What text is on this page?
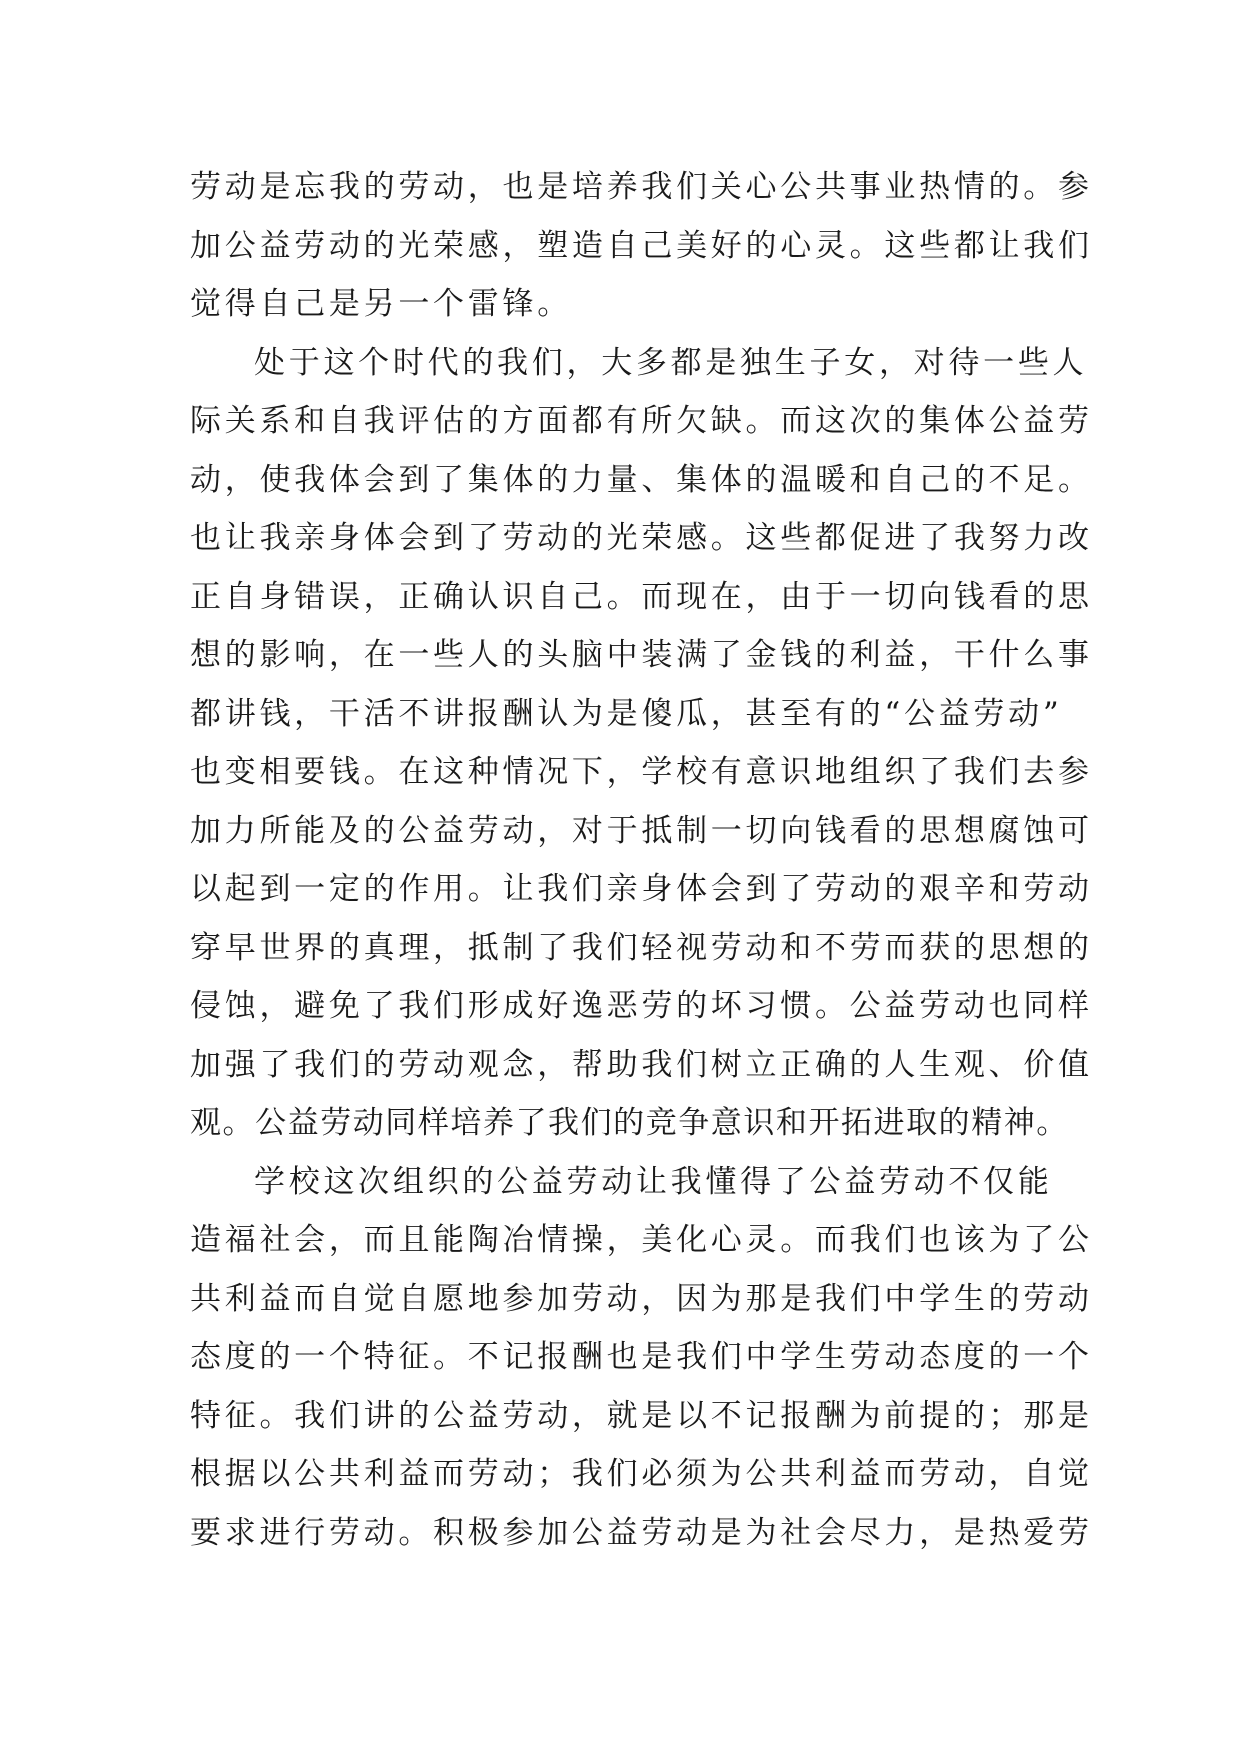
劳动是忘我的劳动，也是培养我们关心公共事业热情的。参
加公益劳动的光荣感，塑造自己美好的心灵。这些都让我们
觉得自己是另一个雷锋。
处于这个时代的我们，大多都是独生子女，对待一些人
际关系和自我评估的方面都有所欠缺。而这次的集体公益劳
动，使我体会到了集体的力量、集体的温暖和自己的不足。
也让我亲身体会到了劳动的光荣感。这些都促进了我努力改
正自身错误，正确认识自己。而现在，由于一切向钱看的思
想的影响，在一些人的头脑中装满了金钱的利益，干什么事
都讲钱，干活不讲报酬认为是傻瓜，甚至有的“公益劳动”
也变相要钱。在这种情况下，学校有意识地组织了我们去参
加力所能及的公益劳动，对于抵制一切向钱看的思想腐蚀可
以起到一定的作用。让我们亲身体会到了劳动的艰辛和劳动
穿早世界的真理，抵制了我们轻视劳动和不劳而获的思想的
侵蚀，避免了我们形成好逸恶劳的坏习惯。公益劳动也同样
加强了我们的劳动观念，帮助我们树立正确的人生观、价值
观。公益劳动同样培养了我们的竞争意识和开拓进取的精神。
学校这次组织的公益劳动让我懂得了公益劳动不仅能
造福社会，而且能陶冶情操，美化心灵。而我们也该为了公
共利益而自觉自愿地参加劳动，因为那是我们中学生的劳动
态度的一个特征。不记报酬也是我们中学生劳动态度的一个
特征。我们讲的公益劳动，就是以不记报酬为前提的；那是
根据以公共利益而劳动；我们必须为公共利益而劳动，自觉
要求进行劳动。积极参加公益劳动是为社会尽力，是热爱劳
